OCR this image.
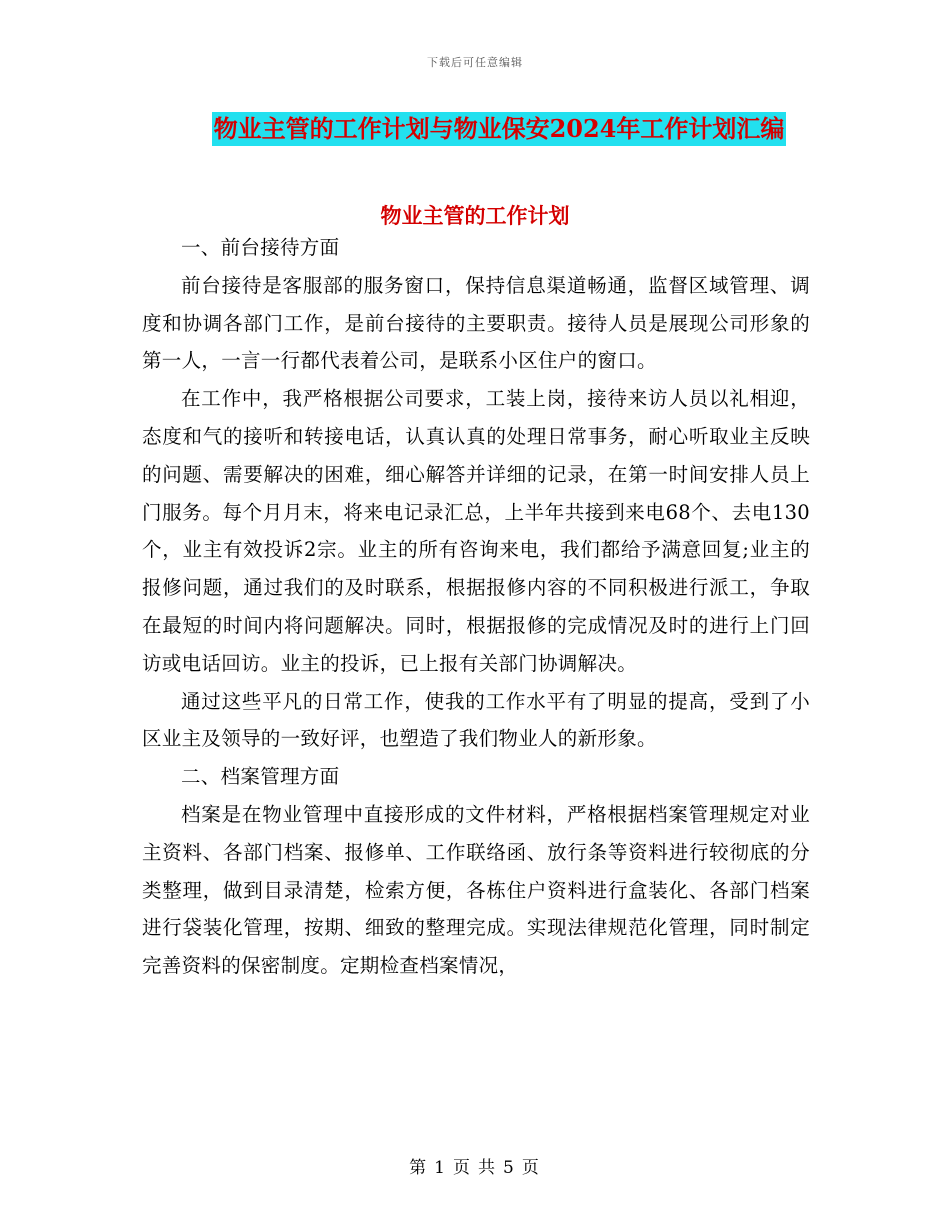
下载后可任意编辑
物业主管的工作计划与物业保安2024年工作计划汇编
物业主管的工作计划

一、前台接待方面

前台接待是客服部的服务窗口，保持信息渠道畅通，监督区域管理、调度和协调各部门工作，是前台接待的主要职责。接待人员是展现公司形象的第一人，一言一行都代表着公司，是联系小区住户的窗口。

在工作中，我严格根据公司要求，工装上岗，接待来访人员以礼相迎，态度和气的接听和转接电话，认真认真的处理日常事务，耐心听取业主反映的问题、需要解决的困难，细心解答并详细的记录，在第一时间安排人员上门服务。每个月月末，将来电记录汇总，上半年共接到来电68个、去电130个，业主有效投诉2宗。业主的所有咨询来电，我们都给予满意回复;业主的报修问题，通过我们的及时联系，根据报修内容的不同积极进行派工，争取在最短的时间内将问题解决。同时，根据报修的完成情况及时的进行上门回访或电话回访。业主的投诉，已上报有关部门协调解决。

通过这些平凡的日常工作，使我的工作水平有了明显的提高，受到了小区业主及领导的一致好评，也塑造了我们物业人的新形象。

二、档案管理方面

档案是在物业管理中直接形成的文件材料，严格根据档案管理规定对业主资料、各部门档案、报修单、工作联络函、放行条等资料进行较彻底的分类整理，做到目录清楚，检索方便，各栋住户资料进行盒装化、各部门档案进行袋装化管理，按期、细致的整理完成。实现法律规范化管理，同时制定完善资料的保密制度。定期检查档案情况，

第 1 页 共 5 页
